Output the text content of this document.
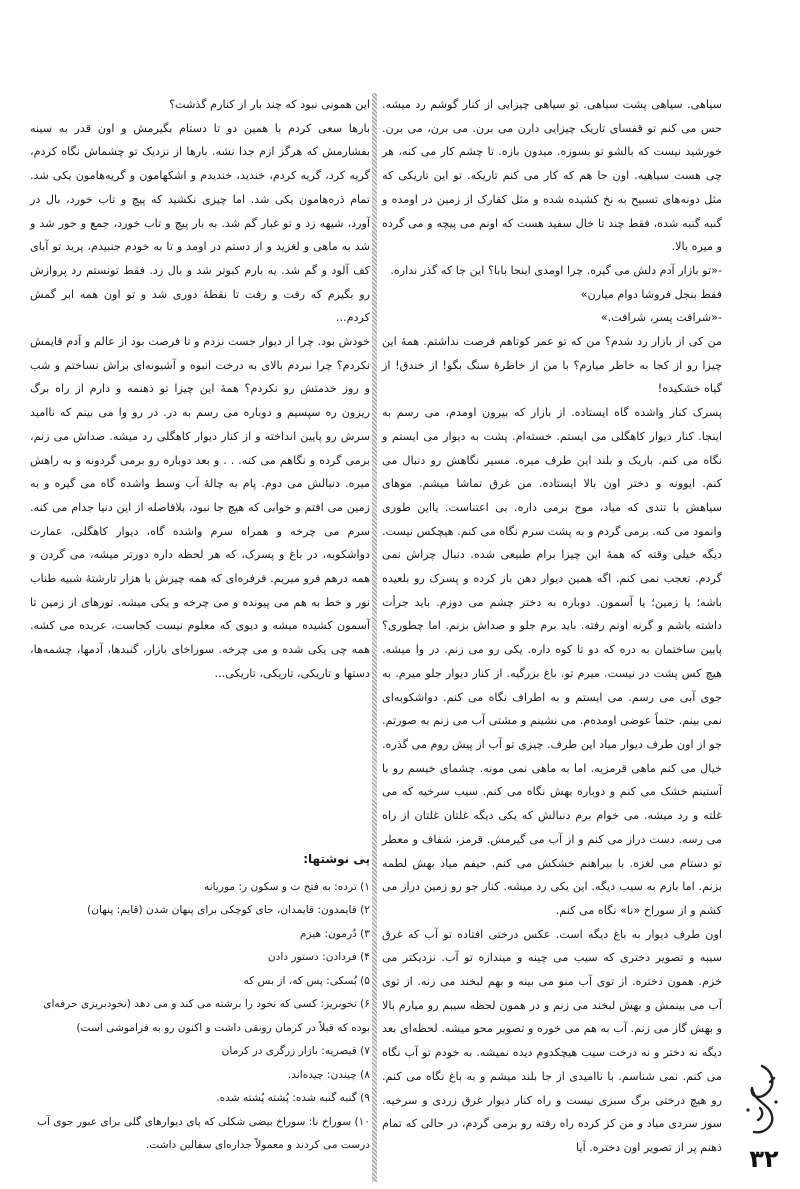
سیاهی. سیاهی پشت سیاهی. تو سیاهی چیزایی از کنار گوشم رد میشه. حس می کنم تو قفسای تاریک چیزایی دارن می برن. می برن، می برن. خورشید نیست که بالشو تو بسوزه. میدون بازه. تا چشم کار می کنه، هر چی هست سیاهیه. اون جا هم که کار می کنم تاریکه. تو این تاریکی که مثل دونه‌های تسبیح به نخ کشیده شده و مثل کفارک از زمین در اومده و گنبه گنبه شده، فقط چند تا خال سفید هست که اونم می پیچه و می گرده و میره بالا.

-«تو بازار آدم دلش می گیره. چرا اومدی اینجا بابا؟ این جا که گذر نداره. فقط بنجل فروشا دوام میارن»

-«شرافت پسر، شرافت.»

من کی از بازار رد شدم؟ من که تو عمر کوتاهم فرصت نداشتم. همهٔ این چیزا رو از کجا به خاطر میارم؟ با من از خاطرهٔ سنگ بگو! از خندق! از گیاه خشکیده!

پسرک کنار واشده گاه ایستاده. از بازار که بیرون اومدم، می رسم به اینجا. کنار دیوار کاهگلی می ایستم. خسته‌ام. پشت به دیوار می ایستم و نگاه می کنم. باریک و بلند این طرف میره. مسیر نگاهش رو دنبال می کنم. ایوونه و دختر اون بالا ایستاده. من غرق تماشا میشم. موهای سیاهش با تندی که میاد، موج برمی داره. بی اعتناست. یااین طوری وانمود می کنه. برمی گردم و به پشت سرم نگاه می کنم. هیچکس نیست. دیگه خیلی وقته که همهٔ این چیزا برام طبیعی شده. دنبال چراش نمی گردم. تعجب نمی کنم. اگه همین دیوار دهن باز کرده و پسرک رو بلعیده باشه؛ یا زمین؛ یا آسمون. دوباره به دختر چشم می دوزم. باید جرأت داشته باشم و گرنه اونم رفته. باید برم جلو و صداش بزنم. اما چطوری؟ پایین ساختمان به دره که دو تا کوه داره. یکی رو می زنم. در وا میشه. هیچ کس پشت در نیست. میرم تو. باغ بزرگیه. از کنار دیوار جلو میرم. به جوی آبی می رسم. می ایستم و به اطراف نگاه می کنم. دواشکوبه‌ای نمی بینم. حتماً عوضی اومده‌م. می نشینم و مشتی آب می زنم به صورتم. جو از اون طرف دیوار میاد این طرف. چیزی تو آب از پیش روم می گذره. خیال می کنم ماهی قرمزیه. اما به ماهی نمی مونه. چشمای خیسم رو با آستینم خشک می کنم و دوباره بهش نگاه می کنم. سیب سرخیه که می غلته و رد میشه. می خوام برم دنبالش که یکی دیگه غلتان غلتان از راه می رسه. دست دراز می کنم و از آب می گیرمش. قرمز، شفاف و معطر تو دستام می لغزه. با بیراهنم خشکش می کنم. حیفم میاد بهش لطمه بزنم. اما بازم به سیب دیگه. این یکی رد میشه. کنار جو رو زمین دراز می کشم و از سوراخ «نا» نگاه می کنم.

اون طرف دیوار به باغ دیگه است. عکس درختی افتاده تو آب که غرق سیبه و تصویر دختری که سیب می چینه و میندازه تو آب. نزدیکتر می خزم. همون دختره. از توی آب منو می بینه و بهم لبخند می زنه. از توی آب می بینمش و بهش لبخند می زنم و در همون لحظه سیبم رو میارم بالا و بهش گاز می زنم. آب به هم می خوره و تصویر محو میشه. لحظه‌ای بعد دیگه نه دختر و نه درخت سیب هیچکدوم دیده نمیشه. به خودم تو آب نگاه می کنم. نمی شناسم. با ناامیدی از جا بلند میشم و به باغ نگاه می کنم. رو هیچ درختی برگ سبزی نیست و راه کنار دیوار غرق زردی و سرخیه. سوز سردی میاد و من کز کرده راه رفته رو برمی گردم، در حالی که تمام ذهنم پر از تصویر اون دختره. آیا

این همونی نبود که چند بار از کنارم گذشت؟

بارها سعی کردم با همین دو تا دستام بگیرمش و اون قدر به سینه بفشارمش که هرگز ازم جدا نشه. بارها از نزدیک تو چشماش نگاه کردم، گریه کرد، گریه کردم، خندید، خندیدم و اشکهامون و گریه‌هامون یکی شد. تمام ذره‌هامون یکی شد. اما چیزی نکشید که پیچ و تاب خورد، بال در آورد، شیهه زد و تو غبار گم شد. به بار پیچ و تاب خورد، جمع و جور شد و شد به ماهی و لغزید و از دستم در اومد و تا به خودم جنبیدم، پرید تو آبای کف آلود و گم شد. یه بارم کبوتر شد و بال زد. فقط تونستم رد پروازش رو بگیرم که رفت و رفت تا نقطهٔ دوری شد و تو اون همه ابر گمش کردم...

خودش بود. چرا از دیوار جست نزدم و تا فرصت بود از عالم و آدم قایمش نکردم؟ چرا نبردم بالای به درخت انبوه و آشیونه‌ای براش نساختم و شب و روز خدمتش رو نکردم؟ همهٔ این چیزا تو ذهنمه و دارم از راه برگ ریزون ره سپسیم و دوباره می رسم به در. در رو وا می بینم که ناامید سرش رو پایین انداخته و از کنار دیوار کاهگلی رد میشه. صداش می زنم، برمی گرده و نگاهم می کنه. . . و بعد دوباره رو برمی گردونه و به راهش میره. دنبالش می دوم. پام به چالهٔ آب وسط واشده گاه می گیره و به زمین می افتم و خوابی که هیچ جا نبود، بلافاصله از این دنیا جدام می کنه. سرم می چرخه و همراه سرم واشده گاه، دیوار کاهگلی، عمارت دواشکوبه، در باغ و پسرک، که هر لحظه داره دورتر میشه، می گردن و همه درهم فرو میریم. فرفره‌ای که همه چیزش با هزار تارشتهٔ شبیه طناب نور و خط به هم می پیونده و می چرخه و یکی میشه. تورهای از زمین تا آسمون کشیده میشه و دیوی که معلوم نیست کجاست، عربده می کشه. همه چی یکی شده و می چرخه. سوراخای بازار، گنبدها، آدمها، چشمه‌ها، دستها و تاریکی، تاریکی، تاریکی...

پی نوشتها:

۱) ترده: به فتح ت و سکون ر: موریانه

۲) قایمدون: قایمدان، جای کوچکی برای پنهان شدن (قایم: پنهان)

۳) دُرمون: هیزم

۴) فردادن: دستور دادن

۵) بُسکی: پس که، از بس که

۶) نخوبریز: کسی که نخود را برشته می کند و می دهد (نخودبریزی حرفه‌ای بوده که قبلاً در کرمان رونقی داشت و اکنون رو به فراموشی است)

۷) قیصریه: بازار زرگری در کرمان

۸) چیندن: چیده‌اند.

۹) گنبه گنبه شده: پُشته پُشته شده.

۱۰) سوراخ نا: سوراخ بیضی شکلی که پای دیوارهای گلی برای عبور جوی آب درست می کردند و معمولاً جداره‌ای سفالین داشت.	۳۲
